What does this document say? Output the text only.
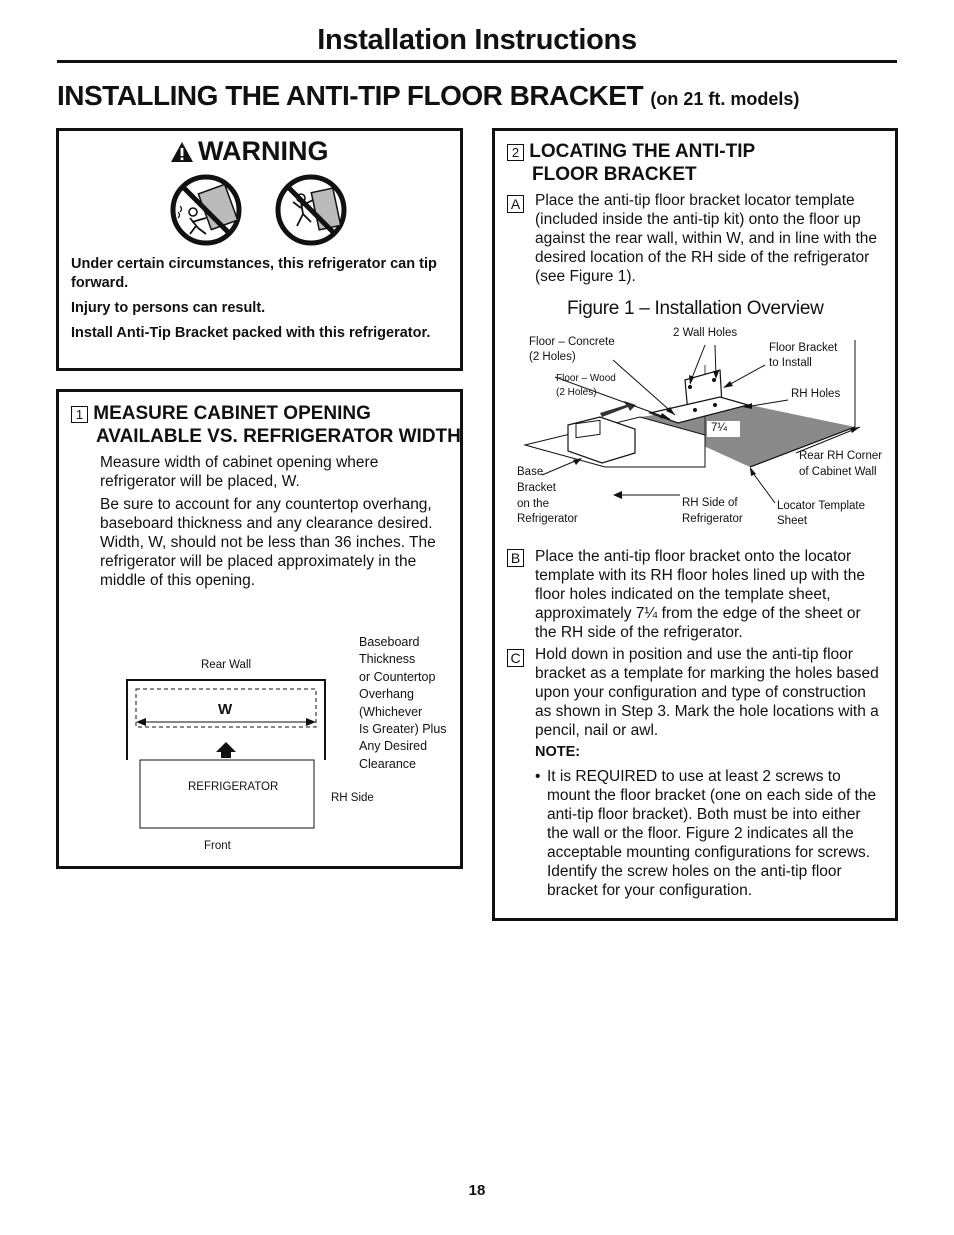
Installation Instructions
INSTALLING THE ANTI-TIP FLOOR BRACKET (on 21 ft. models)
WARNING
Under certain circumstances, this refrigerator can tip forward.
Injury to persons can result.
Install Anti-Tip Bracket packed with this refrigerator.
1 MEASURE CABINET OPENING
AVAILABLE VS. REFRIGERATOR WIDTH
Measure width of cabinet opening where refrigerator will be placed, W.
Be sure to account for any countertop overhang, baseboard thickness and any clearance desired. Width, W, should not be less than 36 inches. The refrigerator will be placed approximately in the middle of this opening.
Rear Wall
W
REFRIGERATOR
Front
RH Side
Baseboard
Thickness
or Countertop
Overhang
(Whichever
Is Greater) Plus
Any Desired
Clearance
2 LOCATING THE ANTI-TIP
FLOOR BRACKET
A Place the anti-tip floor bracket locator template (included inside the anti-tip kit) onto the floor up against the rear wall, within W, and in line with the desired location of the RH side of the refrigerator (see Figure 1).
Figure 1 – Installation Overview
Floor – Concrete
(2 Holes)
2 Wall Holes
Floor Bracket
to Install
Floor – Wood
(2 Holes)	RH Holes
7¼
Rear RH Corner
of Cabinet Wall
Base
Bracket
on the
Refrigerator
RH Side of
Refrigerator
Locator Template
Sheet
B Place the anti-tip floor bracket onto the locator template with its RH floor holes lined up with the floor holes indicated on the template sheet, approximately 7¼ from the edge of the sheet or the RH side of the refrigerator.
C Hold down in position and use the anti-tip floor bracket as a template for marking the holes based upon your configuration and type of construction as shown in Step 3. Mark the hole locations with a pencil, nail or awl.
NOTE:
• It is REQUIRED to use at least 2 screws to mount the floor bracket (one on each side of the anti-tip floor bracket). Both must be into either the wall or the floor. Figure 2 indicates all the acceptable mounting configurations for screws. Identify the screw holes on the anti-tip floor bracket for your configuration.
18
